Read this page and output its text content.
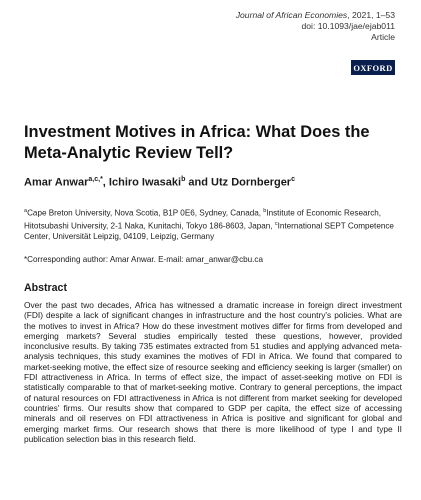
Journal of African Economies, 2021, 1–53
doi: 10.1093/jae/ejab011
Article
OXFORD
Investment Motives in Africa: What Does the Meta-Analytic Review Tell?
Amar Anwar$^{a,c,*}$, Ichiro Iwasaki$^b$ and Utz Dornberger$^c$
$^a$Cape Breton University, Nova Scotia, B1P 0E6, Sydney, Canada, $^b$Institute of Economic Research, Hitotsubashi University, 2-1 Naka, Kunitachi, Tokyo 186-8603, Japan, $^c$International SEPT Competence Center, Universität Leipzig, 04109, Leipzig, Germany
*Corresponding author: Amar Anwar. E-mail: amar_anwar@cbu.ca
Abstract
Over the past two decades, Africa has witnessed a dramatic increase in foreign direct investment (FDI) despite a lack of significant changes in infrastructure and the host country's policies. What are the motives to invest in Africa? How do these investment motives differ for firms from developed and emerging markets? Several studies empirically tested these questions, however, provided inconclusive results. By taking 735 estimates extracted from 51 studies and applying advanced meta-analysis techniques, this study examines the motives of FDI in Africa. We found that compared to market-seeking motive, the effect size of resource seeking and efficiency seeking is larger (smaller) on FDI attractiveness in Africa. In terms of effect size, the impact of asset-seeking motive on FDI is statistically comparable to that of market-seeking motive. Contrary to general perceptions, the impact of natural resources on FDI attractiveness in Africa is not different from market seeking for developed countries' firms. Our results show that compared to GDP per capita, the effect size of accessing minerals and oil reserves on FDI attractiveness in Africa is positive and significant for global and emerging market firms. Our research shows that there is more likelihood of type I and type II publication selection bias in this research field.
